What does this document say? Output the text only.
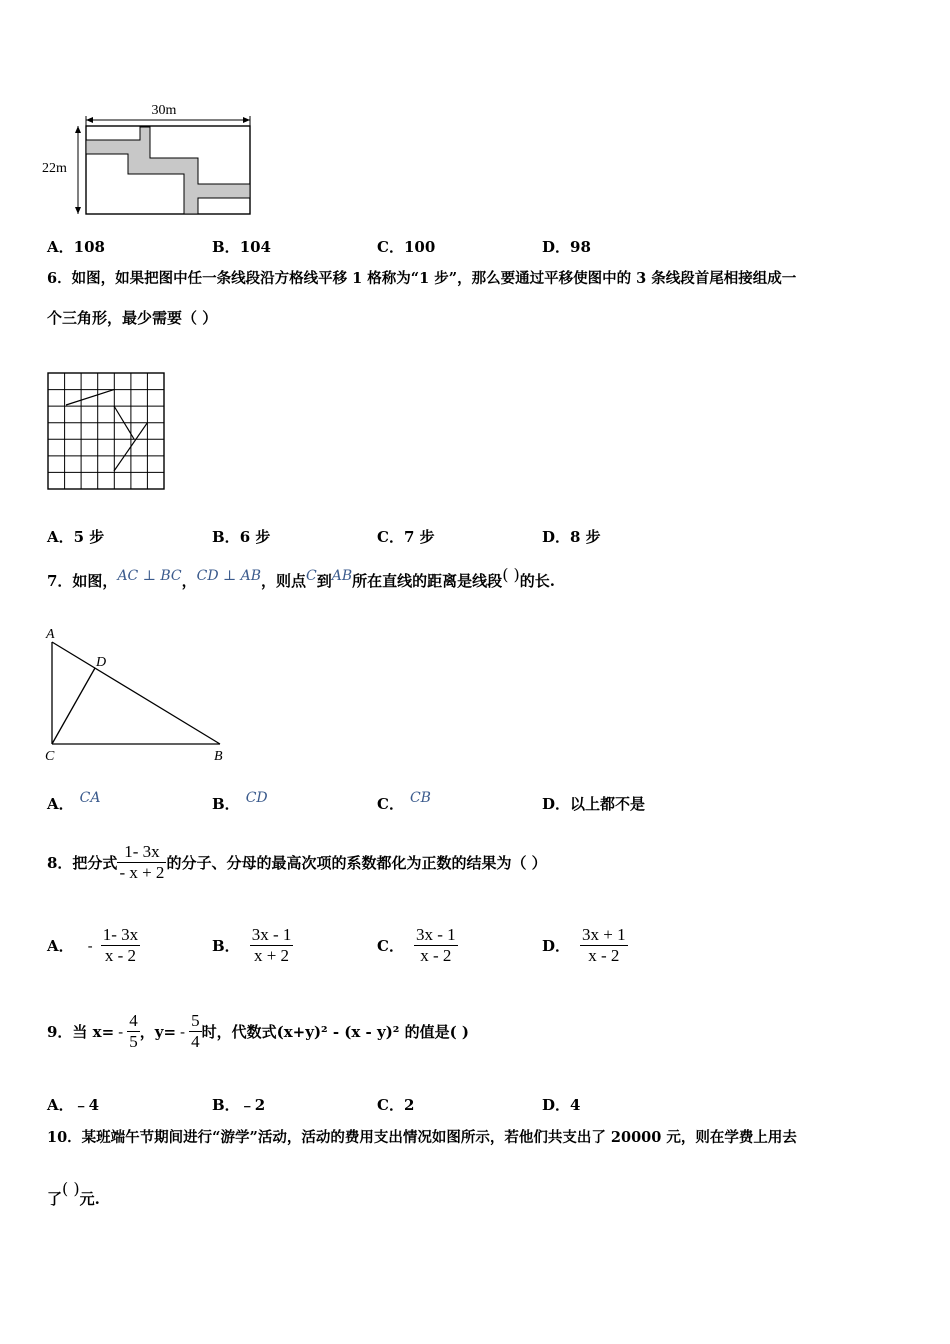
30m
22m
A．108	B．104	C．100	D．98
6．如图，如果把图中任一条线段沿方格线平移 1 格称为“1 步”，那么要通过平移使图中的 3 条线段首尾相接组成一
个三角形，最少需要（ ）
A．5 步	B．6 步	C．7 步	D．8 步
7．如图，AC ⊥ BC，CD ⊥ AB，则点C到AB所在直线的距离是线段( )的长.
A
D
C	B
A． CA	B． CD	C． CB	D．以上都不是
8．把分式 $\frac{1- 3x}{- x + 2}$ 的分子、分母的最高次项的系数都化为正数的结果为（ ）
A． - $\frac{1- 3x}{x - 2}$	B． $\frac{3x - 1}{x + 2}$	C． $\frac{3x - 1}{x - 2}$	D． $\frac{3x + 1}{x - 2}$
9．当 $x= - \frac{4}{5}$ ，$y= - \frac{5}{4}$ 时，代数式(x+y)² - (x - y)² 的值是( )
A．﹣4	B．﹣2	C．2	D．4
10．某班端午节期间进行“游学”活动，活动的费用支出情况如图所示，若他们共支出了 20000 元，则在学费上用去
了( )元.
